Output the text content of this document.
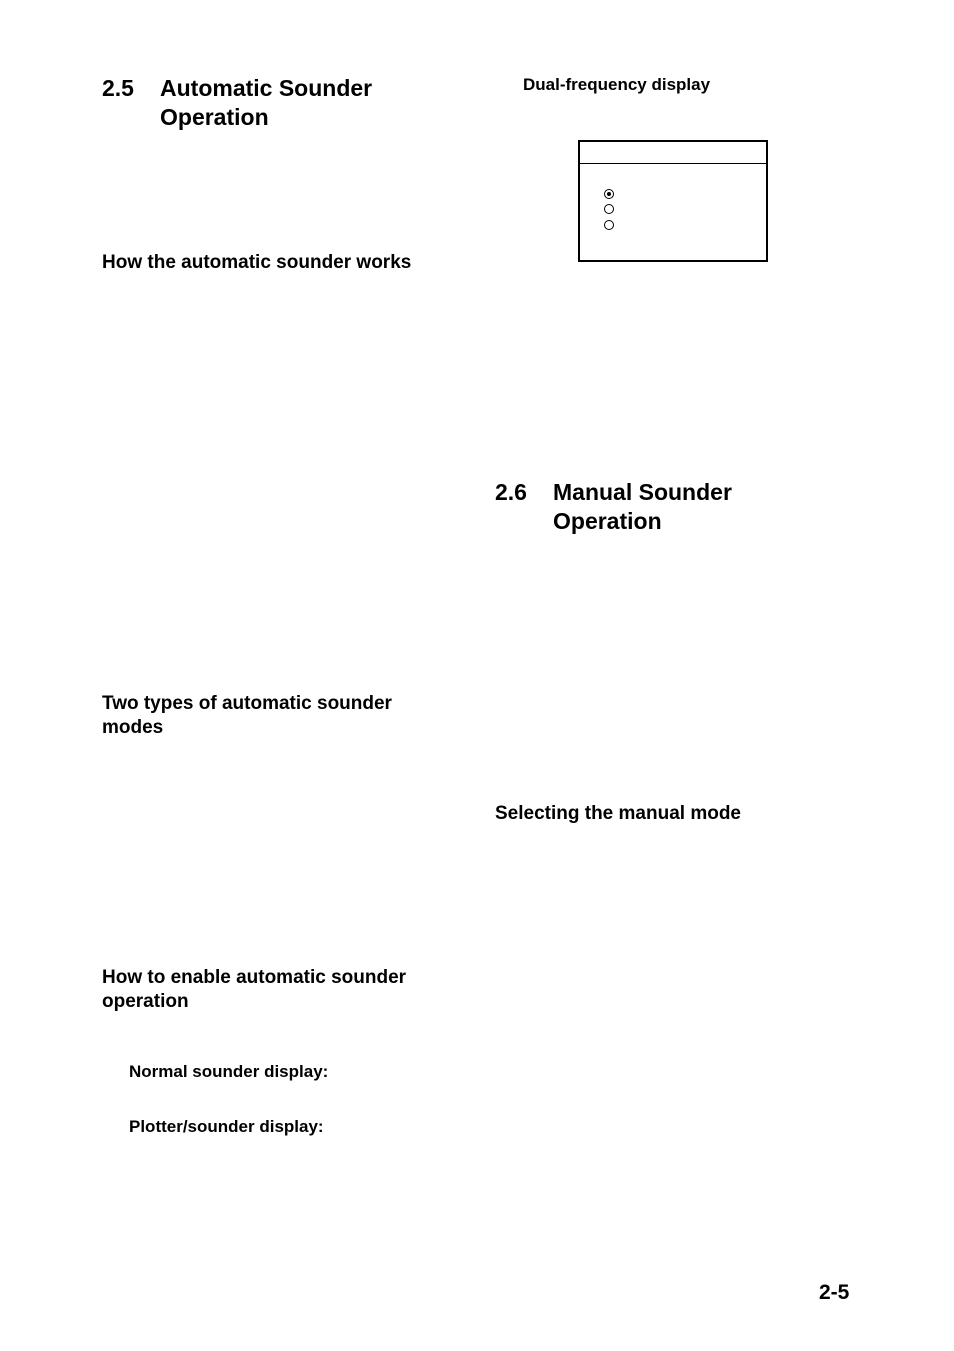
2.5 Automatic Sounder
Operation
How the automatic sounder works
Two types of automatic sounder
modes
How to enable automatic sounder
operation
Normal sounder display:
Plotter/sounder display:
Dual-frequency display
2.6 Manual Sounder
Operation
Selecting the manual mode
2-5
